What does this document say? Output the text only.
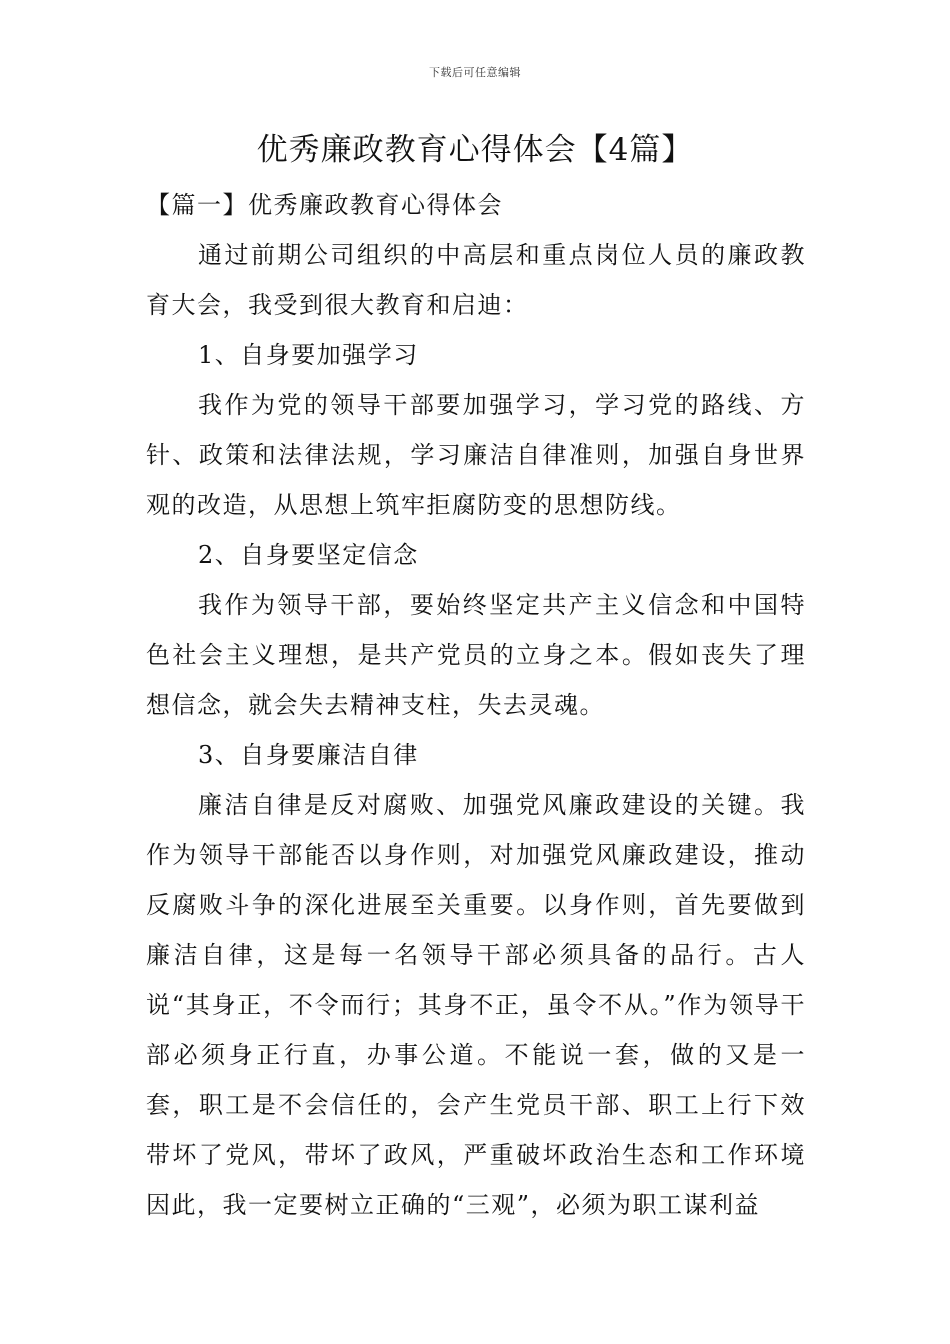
下载后可任意编辑
优秀廉政教育心得体会【4篇】

【篇一】优秀廉政教育心得体会

通过前期公司组织的中高层和重点岗位人员的廉政教育大会，我受到很大教育和启迪：

1、自身要加强学习

我作为党的领导干部要加强学习，学习党的路线、方针、政策和法律法规，学习廉洁自律准则，加强自身世界观的改造，从思想上筑牢拒腐防变的思想防线。

2、自身要坚定信念

我作为领导干部，要始终坚定共产主义信念和中国特色社会主义理想，是共产党员的立身之本。假如丧失了理想信念，就会失去精神支柱，失去灵魂。

3、自身要廉洁自律

廉洁自律是反对腐败、加强党风廉政建设的关键。我作为领导干部能否以身作则，对加强党风廉政建设，推动反腐败斗争的深化进展至关重要。以身作则，首先要做到廉洁自律，这是每一名领导干部必须具备的品行。古人说“其身正，不令而行；其身不正，虽令不从。”作为领导干部必须身正行直，办事公道。不能说一套，做的又是一套，职工是不会信任的，会产生党员干部、职工上行下效带坏了党风，带坏了政风，严重破坏政治生态和工作环境因此，我一定要树立正确的“三观”，必须为职工谋利益
